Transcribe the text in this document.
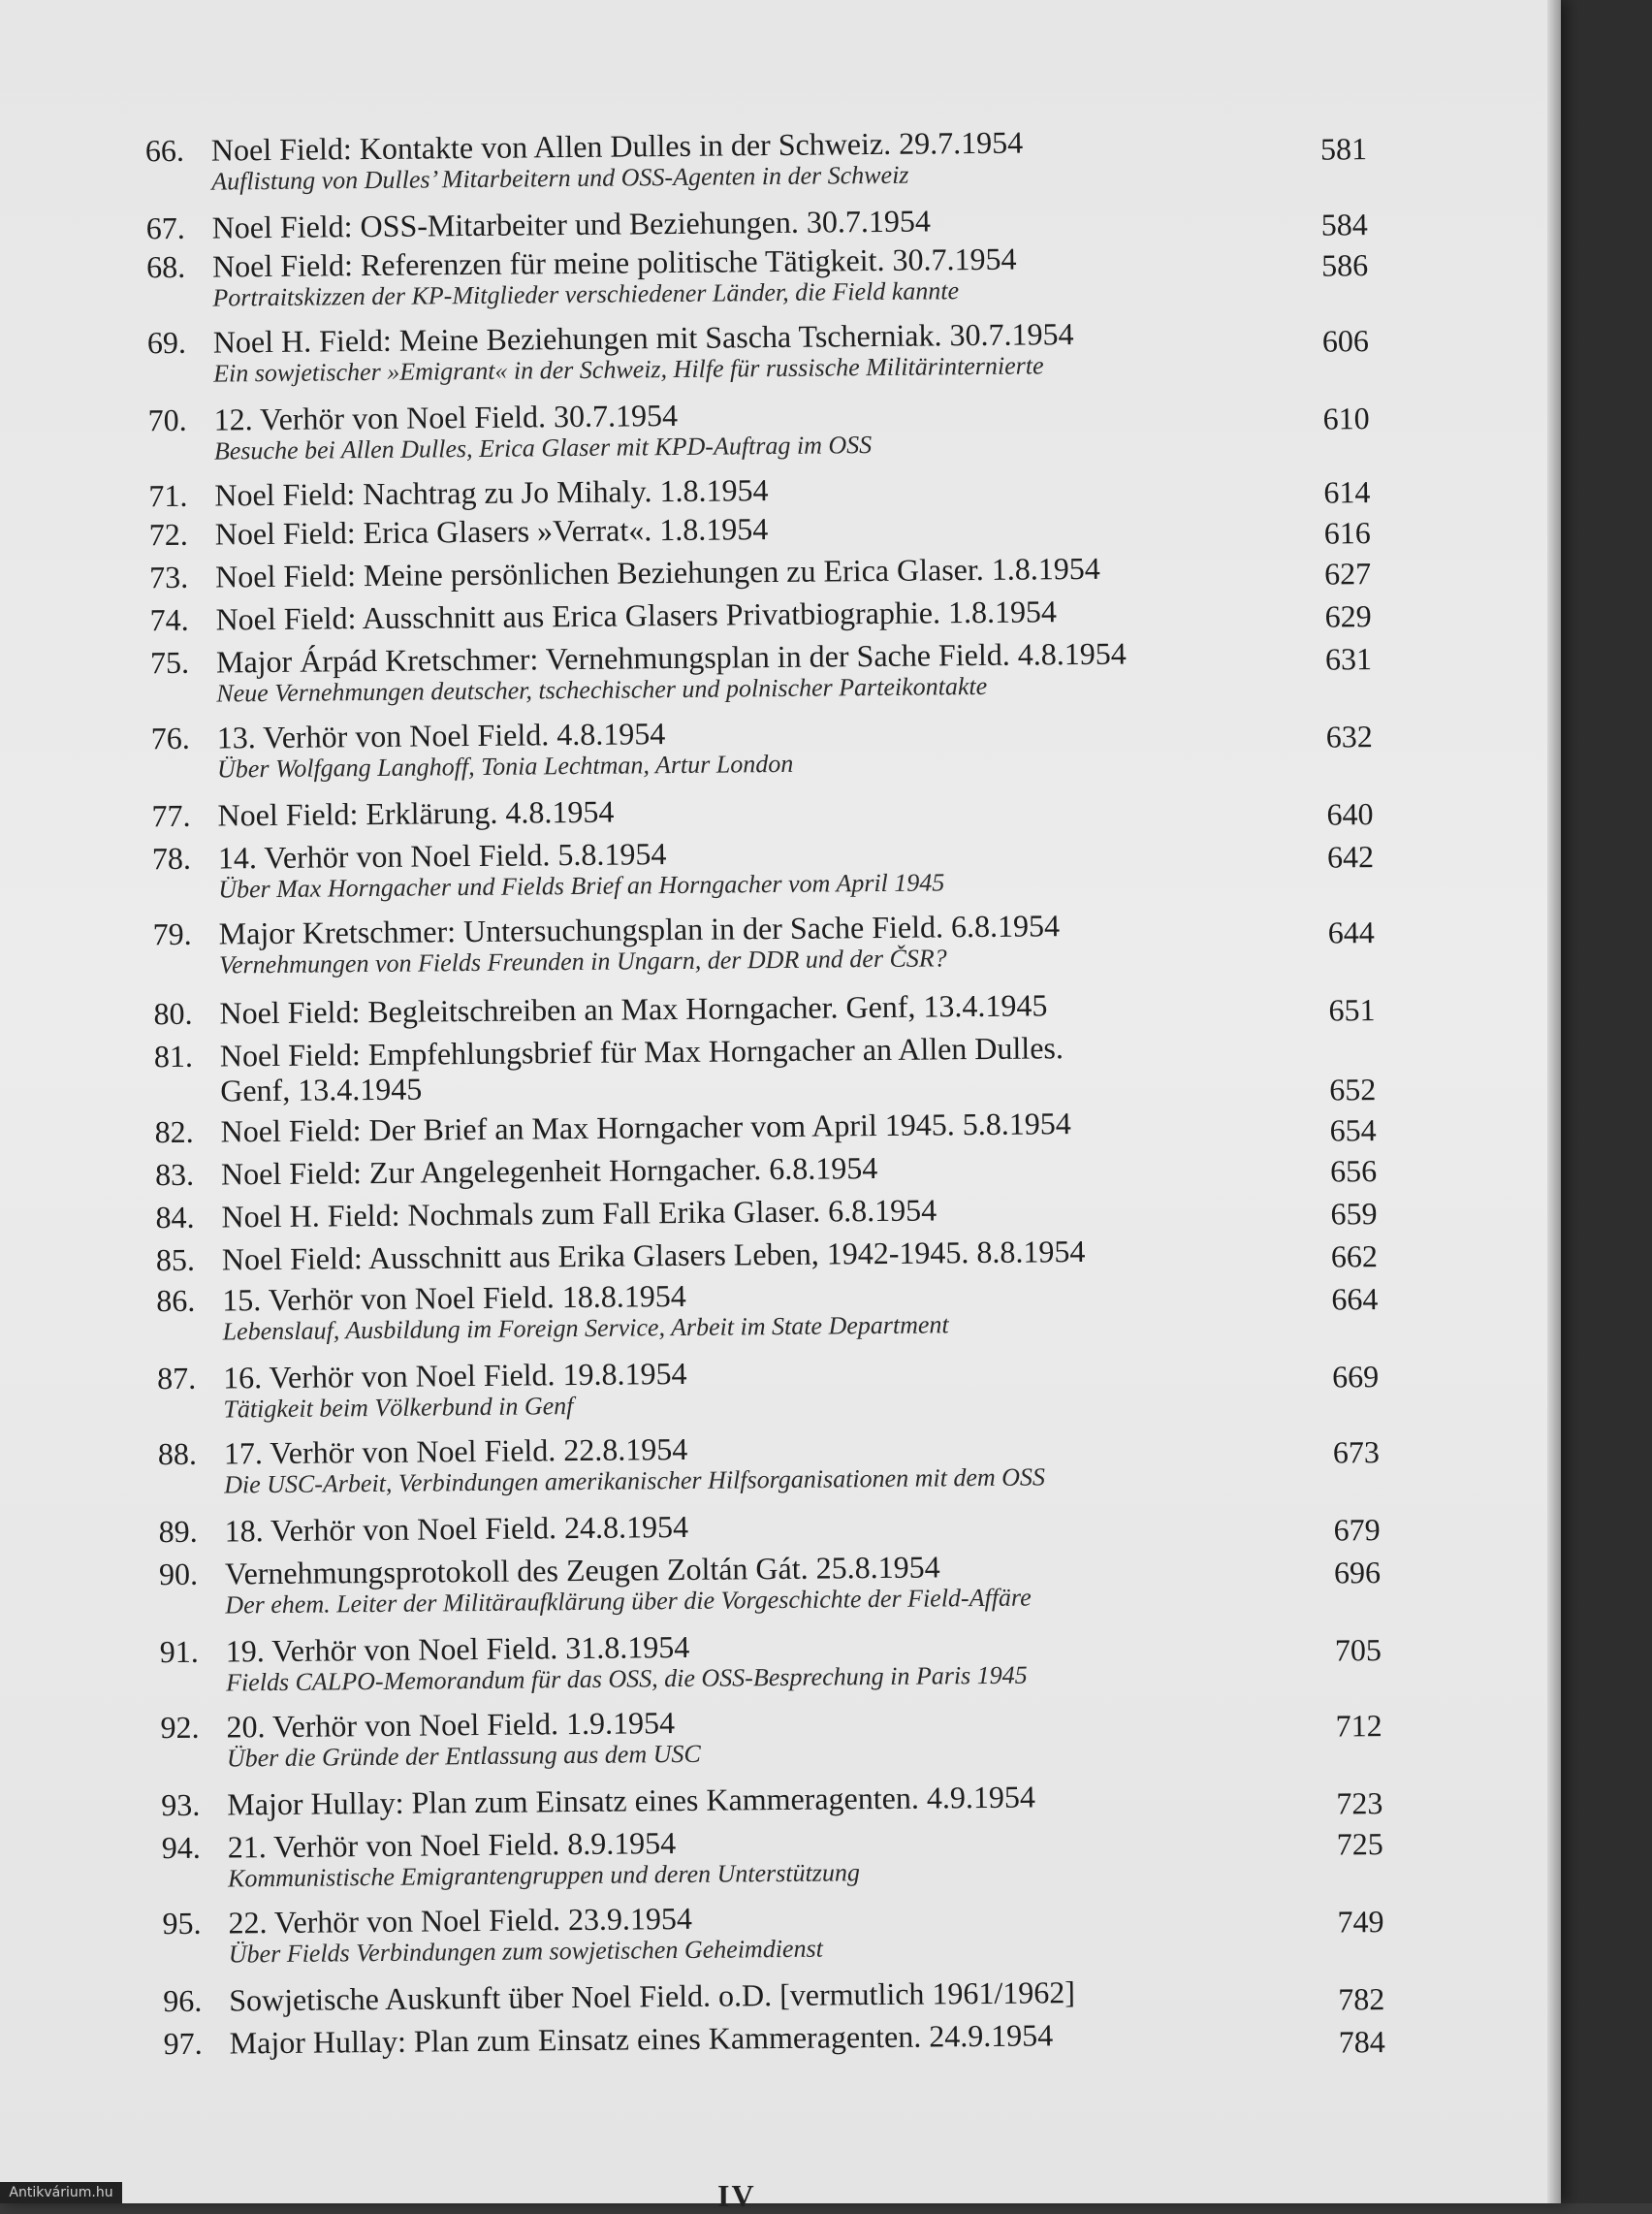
66. Noel Field: Kontakte von Allen Dulles in der Schweiz. 29.7.1954
Auflistung von Dulles’ Mitarbeitern und OSS-Agenten in der Schweiz
581
67. Noel Field: OSS-Mitarbeiter und Beziehungen. 30.7.1954	584
68. Noel Field: Referenzen für meine politische Tätigkeit. 30.7.1954
Portraitskizzen der KP-Mitglieder verschiedener Länder, die Field kannte
586
69. Noel H. Field: Meine Beziehungen mit Sascha Tscherniak. 30.7.1954
Ein sowjetischer »Emigrant« in der Schweiz, Hilfe für russische Militärinternierte
606
70. 12. Verhör von Noel Field. 30.7.1954
Besuche bei Allen Dulles, Erica Glaser mit KPD-Auftrag im OSS
610
71. Noel Field: Nachtrag zu Jo Mihaly. 1.8.1954	614
72. Noel Field: Erica Glasers »Verrat«. 1.8.1954	616
73. Noel Field: Meine persönlichen Beziehungen zu Erica Glaser. 1.8.1954	627
74. Noel Field: Ausschnitt aus Erica Glasers Privatbiographie. 1.8.1954	629
75. Major Árpád Kretschmer: Vernehmungsplan in der Sache Field. 4.8.1954
Neue Vernehmungen deutscher, tschechischer und polnischer Parteikontakte
631
76. 13. Verhör von Noel Field. 4.8.1954
Über Wolfgang Langhoff, Tonia Lechtman, Artur London
632
77. Noel Field: Erklärung. 4.8.1954	640
78. 14. Verhör von Noel Field. 5.8.1954
Über Max Horngacher und Fields Brief an Horngacher vom April 1945
642
79. Major Kretschmer: Untersuchungsplan in der Sache Field. 6.8.1954
Vernehmungen von Fields Freunden in Ungarn, der DDR und der ČSR?
644
80. Noel Field: Begleitschreiben an Max Horngacher. Genf, 13.4.1945	651
81. Noel Field: Empfehlungsbrief für Max Horngacher an Allen Dulles.
Genf, 13.4.1945	652
82. Noel Field: Der Brief an Max Horngacher vom April 1945. 5.8.1954	654
83. Noel Field: Zur Angelegenheit Horngacher. 6.8.1954	656
84. Noel H. Field: Nochmals zum Fall Erika Glaser. 6.8.1954	659
85. Noel Field: Ausschnitt aus Erika Glasers Leben, 1942-1945. 8.8.1954	662
86. 15. Verhör von Noel Field. 18.8.1954
Lebenslauf, Ausbildung im Foreign Service, Arbeit im State Department
664
87. 16. Verhör von Noel Field. 19.8.1954
Tätigkeit beim Völkerbund in Genf
669
88. 17. Verhör von Noel Field. 22.8.1954
Die USC-Arbeit, Verbindungen amerikanischer Hilfsorganisationen mit dem OSS
673
89. 18. Verhör von Noel Field. 24.8.1954	679
90. Vernehmungsprotokoll des Zeugen Zoltán Gát. 25.8.1954
Der ehem. Leiter der Militäraufklärung über die Vorgeschichte der Field-Affäre
696
91. 19. Verhör von Noel Field. 31.8.1954
Fields CALPO-Memorandum für das OSS, die OSS-Besprechung in Paris 1945
705
92. 20. Verhör von Noel Field. 1.9.1954
Über die Gründe der Entlassung aus dem USC
712
93. Major Hullay: Plan zum Einsatz eines Kammeragenten. 4.9.1954	723
94. 21. Verhör von Noel Field. 8.9.1954
Kommunistische Emigrantengruppen und deren Unterstützung
725
95. 22. Verhör von Noel Field. 23.9.1954
Über Fields Verbindungen zum sowjetischen Geheimdienst
749
96. Sowjetische Auskunft über Noel Field. o.D. [vermutlich 1961/1962]	782
97. Major Hullay: Plan zum Einsatz eines Kammeragenten. 24.9.1954	784
IV
Antikvárium.hu
